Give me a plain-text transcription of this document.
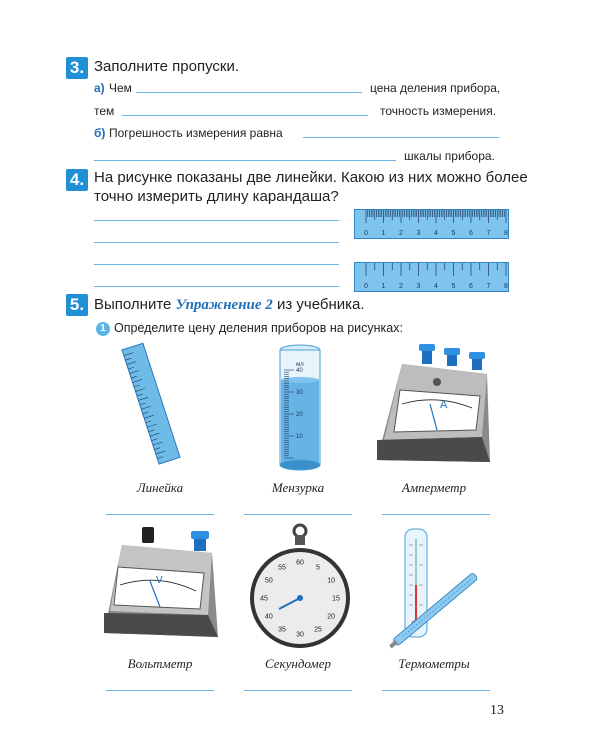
3. Заполните пропуски.
а) Чем	цена деления прибора,
тем	точность измерения.
б) Погрешность измерения равна
шкалы прибора.
4. На рисунке показаны две линейки. Какою из них можно более
точно измерить длину карандаша?
0 1 2 3 4 5 6 7 8
0 1 2 3 4 5 6 7 8
5. Выполните Упражнение 2 из учебника.
1 Определите цену деления приборов на рисунках:
мл
40
30
20
10
A
Линейка	Мензурка	Амперметр
V
60
5
10
15
20
25
30
35
40
45
50
55
Вольтметр	Секундомер	Термометры
13
